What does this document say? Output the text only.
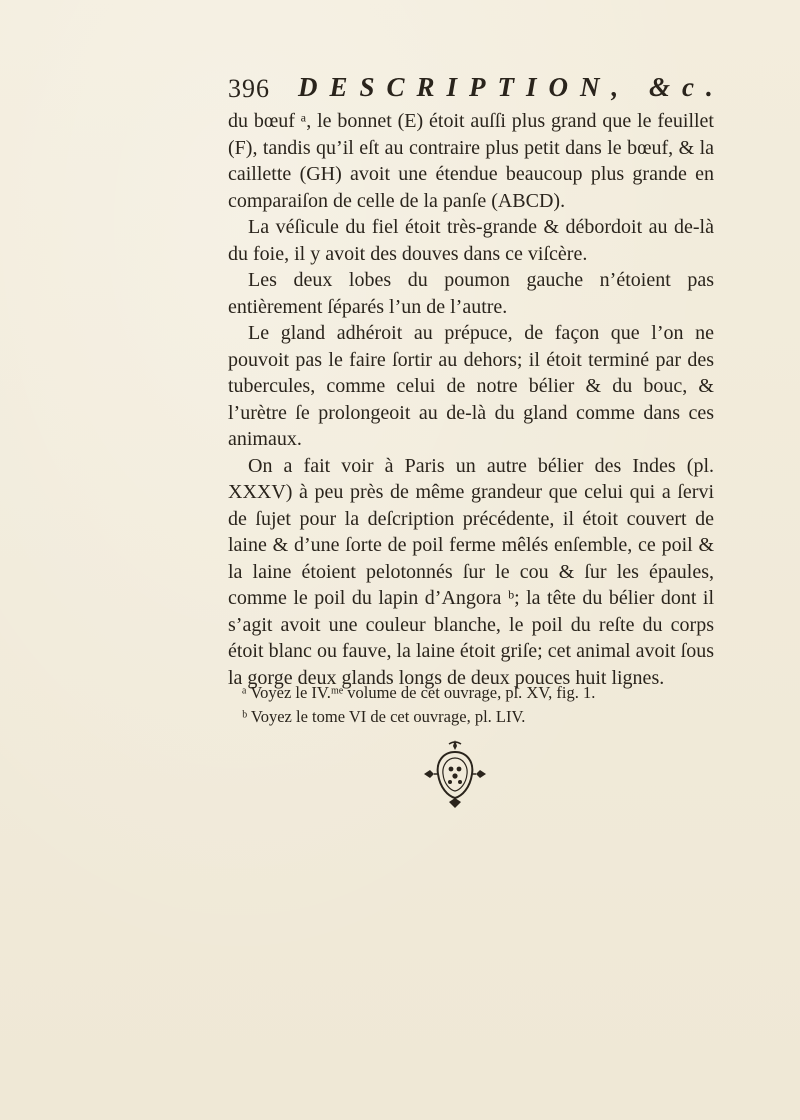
396 DESCRIPTION, &c.

du bœuf ᵃ, le bonnet (E) étoit auſſi plus grand que le feuillet (F), tandis qu’il eſt au contraire plus petit dans le bœuf, & la caillette (GH) avoit une étendue beaucoup plus grande en comparaiſon de celle de la panſe (ABCD).

La véſicule du fiel étoit très-grande & débordoit au de-là du foie, il y avoit des douves dans ce viſcère.

Les deux lobes du poumon gauche n’étoient pas entièrement ſéparés l’un de l’autre.

Le gland adhéroit au prépuce, de façon que l’on ne pouvoit pas le faire ſortir au dehors; il étoit terminé par des tubercules, comme celui de notre bélier & du bouc, & l’urètre ſe prolongeoit au de-là du gland comme dans ces animaux.

On a fait voir à Paris un autre bélier des Indes (pl. XXXV) à peu près de même grandeur que celui qui a ſervi de ſujet pour la deſcription précédente, il étoit couvert de laine & d’une ſorte de poil ferme mêlés enſemble, ce poil & la laine étoient pelotonnés ſur le cou & ſur les épaules, comme le poil du lapin d’Angora ᵇ; la tête du bélier dont il s’agit avoit une couleur blanche, le poil du reſte du corps étoit blanc ou fauve, la laine étoit griſe; cet animal avoit ſous la gorge deux glands longs de deux pouces huit lignes.

ᵃ Voyez le IV.ᵐᵉ volume de cet ouvrage, pl. XV, fig. 1.

ᵇ Voyez le tome VI de cet ouvrage, pl. LIV.
